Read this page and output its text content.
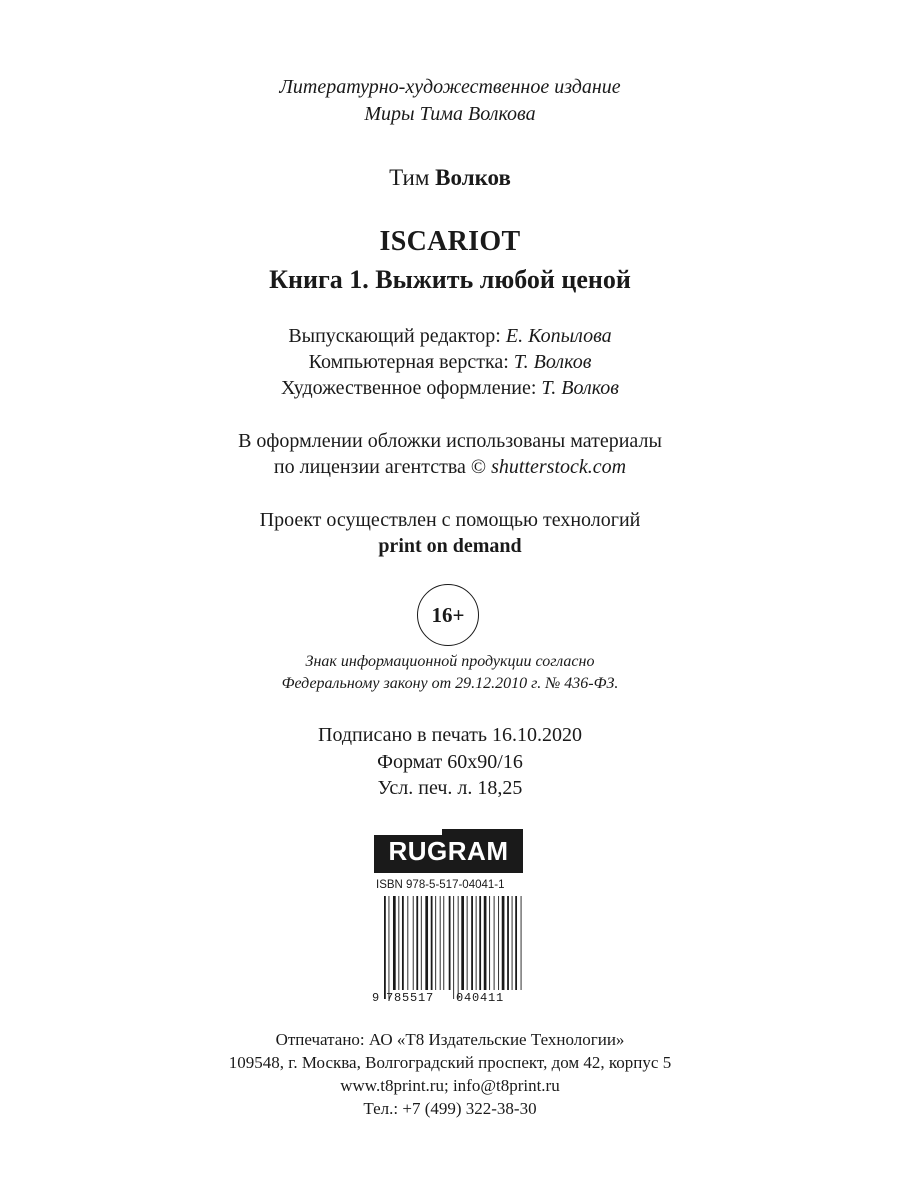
Литературно-художественное издание
Миры Тима Волкова
Тим Волков
ISCARIOT
Книга 1. Выжить любой ценой
Выпускающий редактор: Е. Копылова
Компьютерная верстка: Т. Волков
Художественное оформление: Т. Волков
В оформлении обложки использованы материалы
по лицензии агентства © shutterstock.com
Проект осуществлен с помощью технологий
print on demand
16+
Знак информационной продукции согласно
Федеральному закону от 29.12.2010 г. № 436-ФЗ.
Подписано в печать 16.10.2020
Формат 60x90/16
Усл. печ. л. 18,25
RUGRAM
ISBN 978-5-517-04041-1
9 785517 040411
Отпечатано: АО «Т8 Издательские Технологии»
109548, г. Москва, Волгоградский проспект, дом 42, корпус 5
www.t8print.ru; info@t8print.ru
Тел.: +7 (499) 322-38-30
